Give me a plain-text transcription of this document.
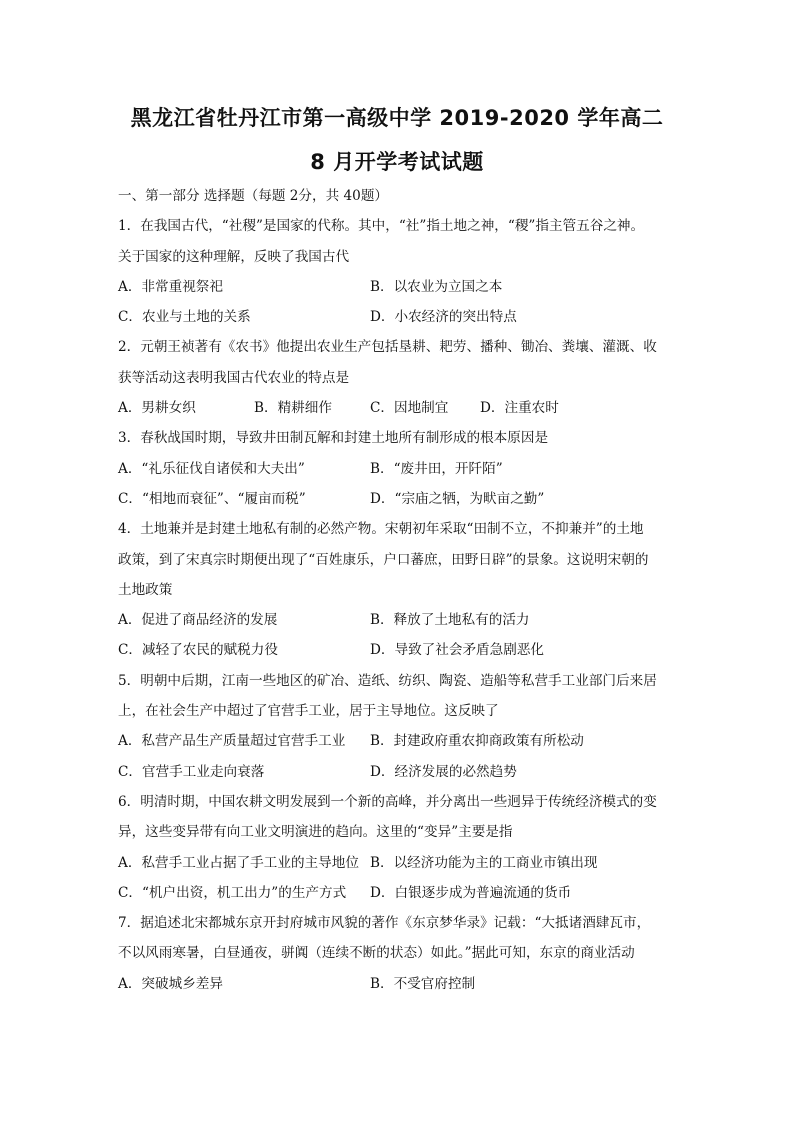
黑龙江省牡丹江市第一高级中学 2019-2020 学年高二
8 月开学考试试题
一、第一部分 选择题（每题 2分，共 40题）
1．在我国古代，“社稷”是国家的代称。其中，“社”指土地之神，“稷”指主管五谷之神。
关于国家的这种理解，反映了我国古代
A．非常重视祭祀	B．以农业为立国之本
C．农业与土地的关系	D．小农经济的突出特点
2．元朝王祯著有《农书》他提出农业生产包括垦耕、耙劳、播种、锄冶、粪壤、灌溉、收
获等活动这表明我国古代农业的特点是
A．男耕女织	B．精耕细作	C．因地制宜 D．注重农时
3．春秋战国时期，导致井田制瓦解和封建土地所有制形成的根本原因是
A．“礼乐征伐自诸侯和大夫出”	B．“废井田，开阡陌”
C．“相地而衰征”、“履亩而税”	D．“宗庙之牺，为畎亩之勤”
4．土地兼并是封建土地私有制的必然产物。宋朝初年采取“田制不立，不抑兼并”的土地
政策，到了宋真宗时期便出现了“百姓康乐，户口蕃庶，田野日辟”的景象。这说明宋朝的
土地政策
A．促进了商品经济的发展	B．释放了土地私有的活力
C．减轻了农民的赋税力役	D．导致了社会矛盾急剧恶化
5．明朝中后期，江南一些地区的矿冶、造纸、纺织、陶瓷、造船等私营手工业部门后来居
上，在社会生产中超过了官营手工业，居于主导地位。这反映了
A．私营产品生产质量超过官营手工业 B．封建政府重农抑商政策有所松动
C．官营手工业走向衰落	D．经济发展的必然趋势
6．明清时期，中国农耕文明发展到一个新的高峰，并分离出一些迥异于传统经济模式的变
异，这些变异带有向工业文明演进的趋向。这里的“变异”主要是指
A．私营手工业占据了手工业的主导地位 B．以经济功能为主的工商业市镇出现
C．“机户出资，机工出力”的生产方式 D．白银逐步成为普遍流通的货币
7．据追述北宋都城东京开封府城市风貌的著作《东京梦华录》记载：“大抵诸酒肆瓦市，
不以风雨寒暑，白昼通夜，骈阗（连续不断的状态）如此。”据此可知，东京的商业活动
A．突破城乡差异	B．不受官府控制
